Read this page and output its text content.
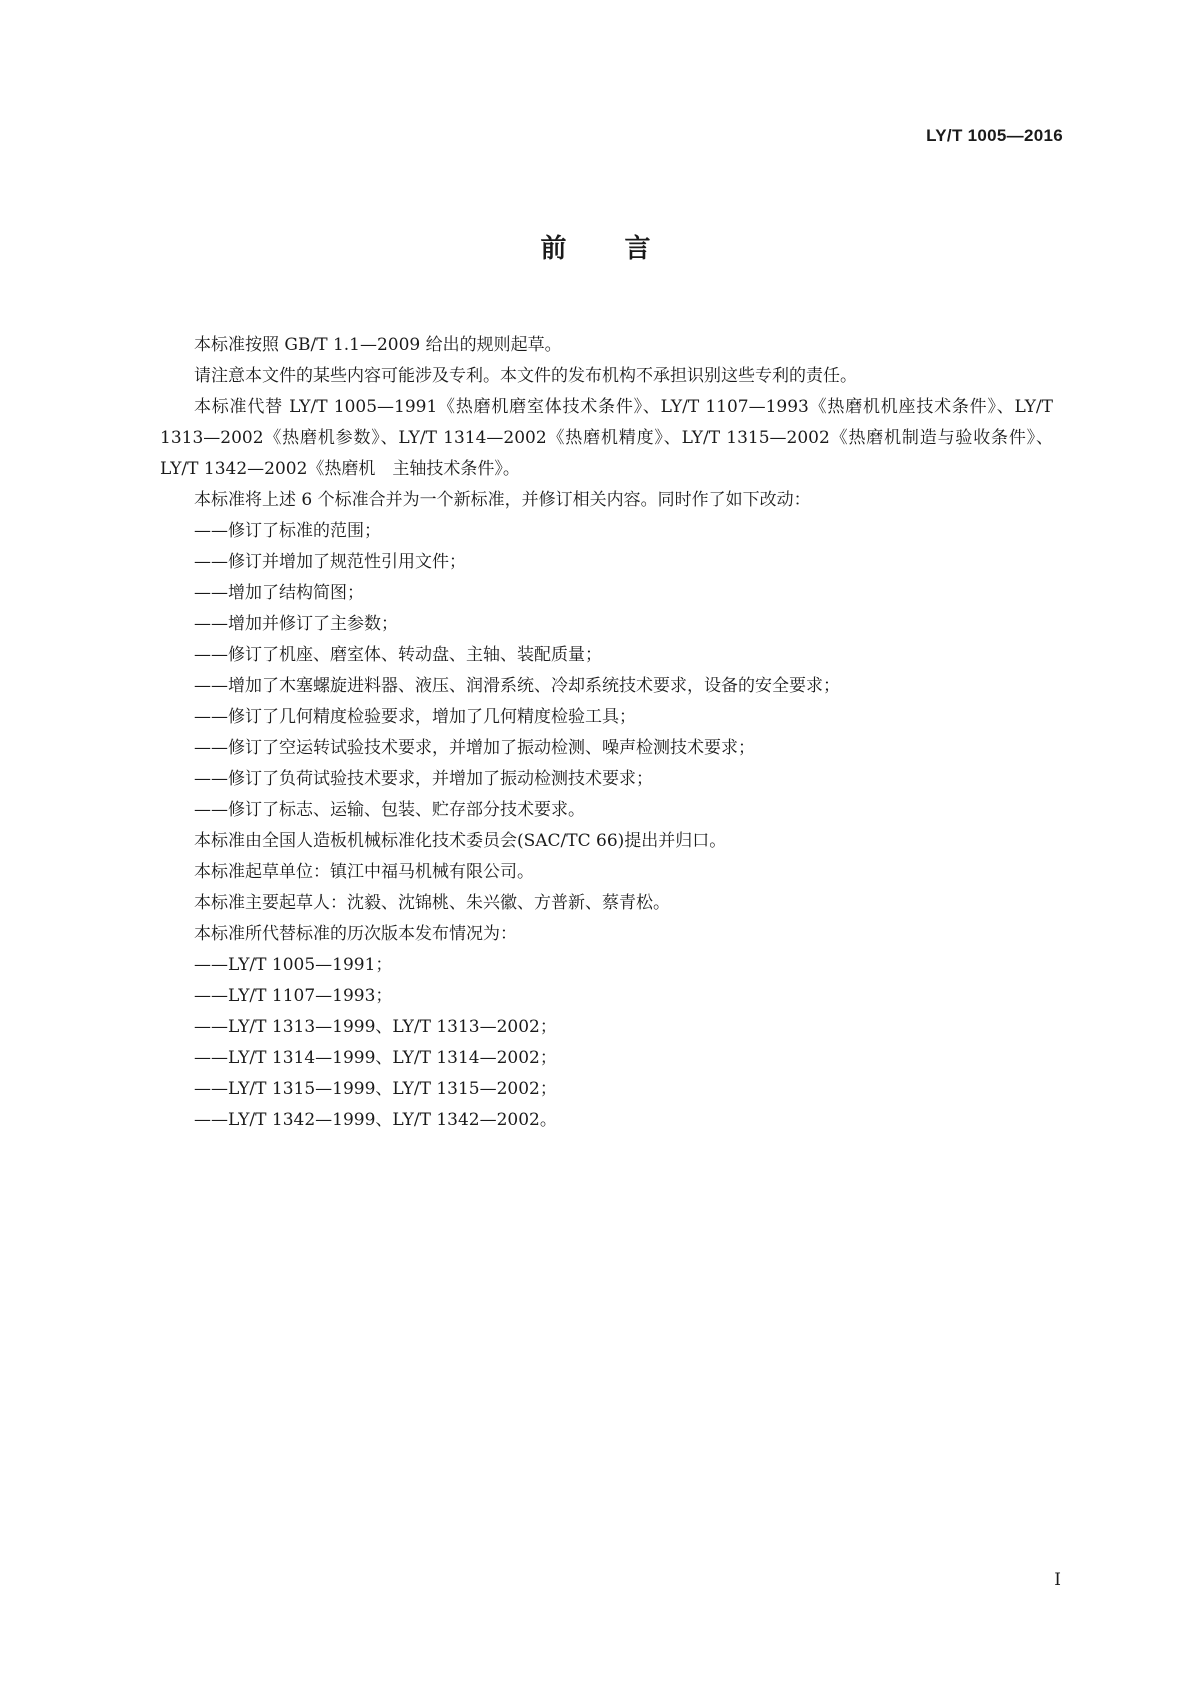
LY/T 1005—2016
前言

本标准按照 GB/T 1.1—2009 给出的规则起草。

请注意本文件的某些内容可能涉及专利。本文件的发布机构不承担识别这些专利的责任。

本标准代替 LY/T 1005—1991《热磨机磨室体技术条件》、LY/T 1107—1993《热磨机机座技术条件》、LY/T 1313—2002《热磨机参数》、LY/T 1314—2002《热磨机精度》、LY/T 1315—2002《热磨机制造与验收条件》、LY/T 1342—2002《热磨机　主轴技术条件》。

本标准将上述 6 个标准合并为一个新标准，并修订相关内容。同时作了如下改动：

——修订了标准的范围；

——修订并增加了规范性引用文件；

——增加了结构简图；

——增加并修订了主参数；

——修订了机座、磨室体、转动盘、主轴、装配质量；

——增加了木塞螺旋进料器、液压、润滑系统、冷却系统技术要求，设备的安全要求；

——修订了几何精度检验要求，增加了几何精度检验工具；

——修订了空运转试验技术要求，并增加了振动检测、噪声检测技术要求；

——修订了负荷试验技术要求，并增加了振动检测技术要求；

——修订了标志、运输、包装、贮存部分技术要求。

本标准由全国人造板机械标准化技术委员会(SAC/TC 66)提出并归口。

本标准起草单位：镇江中福马机械有限公司。

本标准主要起草人：沈毅、沈锦桃、朱兴徽、方普新、蔡青松。

本标准所代替标准的历次版本发布情况为：

——LY/T 1005—1991；

——LY/T 1107—1993；

——LY/T 1313—1999、LY/T 1313—2002；

——LY/T 1314—1999、LY/T 1314—2002；

——LY/T 1315—1999、LY/T 1315—2002；

——LY/T 1342—1999、LY/T 1342—2002。

I
